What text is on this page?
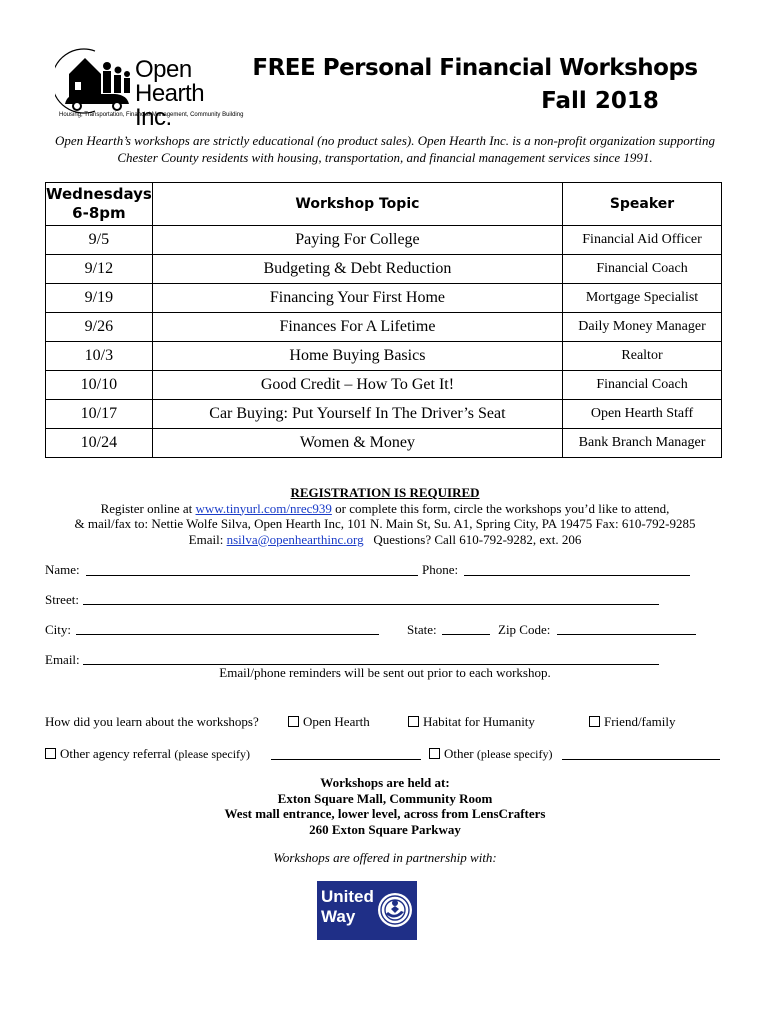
Open
Hearth Inc.
Housing, Transportation, Financial Management, Community Building
FREE Personal Financial Workshops
Fall 2018
Open Hearth’s workshops are strictly educational (no product sales). Open Hearth Inc. is a non-profit organization supporting Chester County residents with housing, transportation, and financial management services since 1991.
Wednesdays
6-8pm	Workshop Topic	Speaker
9/5	Paying For College	Financial Aid Officer
9/12	Budgeting & Debt Reduction	Financial Coach
9/19	Financing Your First Home	Mortgage Specialist
9/26	Finances For A Lifetime	Daily Money Manager
10/3	Home Buying Basics	Realtor
10/10	Good Credit – How To Get It!	Financial Coach
10/17	Car Buying: Put Yourself In The Driver’s Seat	Open Hearth Staff
10/24	Women & Money	Bank Branch Manager
REGISTRATION IS REQUIRED
Register online at www.tinyurl.com/nrec939 or complete this form, circle the workshops you’d like to attend,
& mail/fax to: Nettie Wolfe Silva, Open Hearth Inc, 101 N. Main St, Su. A1, Spring City, PA 19475 Fax: 610-792-9285
Email: nsilva@openhearthinc.org Questions? Call 610-792-9282, ext. 206
Name:	Phone:
Street:
City:	State:	Zip Code:
Email:
Email/phone reminders will be sent out prior to each workshop.
How did you learn about the workshops?	Open Hearth	Habitat for Humanity	Friend/family
Other agency referral (please specify)	Other (please specify)
Workshops are held at:
Exton Square Mall, Community Room
West mall entrance, lower level, across from LensCrafters
260 Exton Square Parkway
Workshops are offered in partnership with:
United
Way
